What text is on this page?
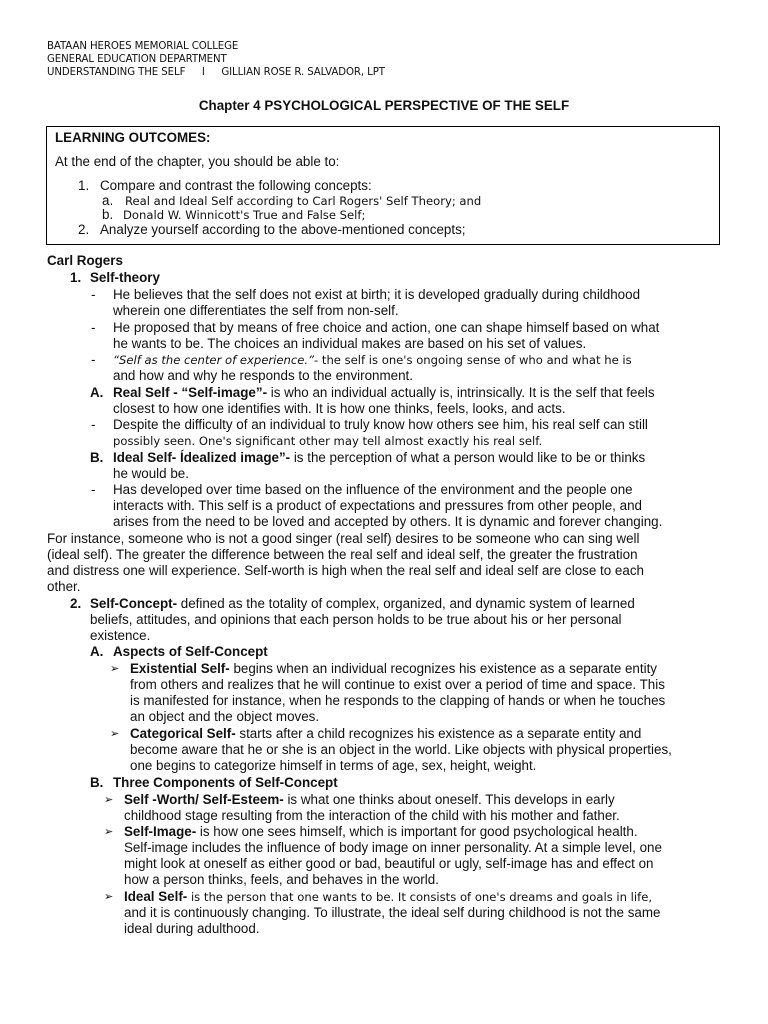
BATAAN HEROES MEMORIAL COLLEGE
GENERAL EDUCATION DEPARTMENT
UNDERSTANDING THE SELF I GILLIAN ROSE R. SALVADOR, LPT
Chapter 4 PSYCHOLOGICAL PERSPECTIVE OF THE SELF
LEARNING OUTCOMES:
At the end of the chapter, you should be able to:
1. Compare and contrast the following concepts:
a. Real and Ideal Self according to Carl Rogers' Self Theory; and
b. Donald W. Winnicott's True and False Self;
2. Analyze yourself according to the above-mentioned concepts;
Carl Rogers
1. Self-theory
- He believes that the self does not exist at birth; it is developed gradually during childhood
wherein one differentiates the self from non-self.
- He proposed that by means of free choice and action, one can shape himself based on what
he wants to be. The choices an individual makes are based on his set of values.
- “Self as the center of experience.”- the self is one's ongoing sense of who and what he is
and how and why he responds to the environment.
A. Real Self - “Self-image”- is who an individual actually is, intrinsically. It is the self that feels
closest to how one identifies with. It is how one thinks, feels, looks, and acts.
- Despite the difficulty of an individual to truly know how others see him, his real self can still
possibly seen. One's significant other may tell almost exactly his real self.
B. Ideal Self- Ídealized image”- is the perception of what a person would like to be or thinks
he would be.
- Has developed over time based on the influence of the environment and the people one
interacts with. This self is a product of expectations and pressures from other people, and
arises from the need to be loved and accepted by others. It is dynamic and forever changing.
For instance, someone who is not a good singer (real self) desires to be someone who can sing well
(ideal self). The greater the difference between the real self and ideal self, the greater the frustration
and distress one will experience. Self-worth is high when the real self and ideal self are close to each
other.
2. Self-Concept- defined as the totality of complex, organized, and dynamic system of learned
beliefs, attitudes, and opinions that each person holds to be true about his or her personal
existence.
A. Aspects of Self-Concept
➢ Existential Self- begins when an individual recognizes his existence as a separate entity
from others and realizes that he will continue to exist over a period of time and space. This
is manifested for instance, when he responds to the clapping of hands or when he touches
an object and the object moves.
➢ Categorical Self- starts after a child recognizes his existence as a separate entity and
become aware that he or she is an object in the world. Like objects with physical properties,
one begins to categorize himself in terms of age, sex, height, weight.
B. Three Components of Self-Concept
➢ Self -Worth/ Self-Esteem- is what one thinks about oneself. This develops in early
childhood stage resulting from the interaction of the child with his mother and father.
➢ Self-Image- is how one sees himself, which is important for good psychological health.
Self-image includes the influence of body image on inner personality. At a simple level, one
might look at oneself as either good or bad, beautiful or ugly, self-image has and effect on
how a person thinks, feels, and behaves in the world.
➢ Ideal Self- is the person that one wants to be. It consists of one's dreams and goals in life,
and it is continuously changing. To illustrate, the ideal self during childhood is not the same
ideal during adulthood.
